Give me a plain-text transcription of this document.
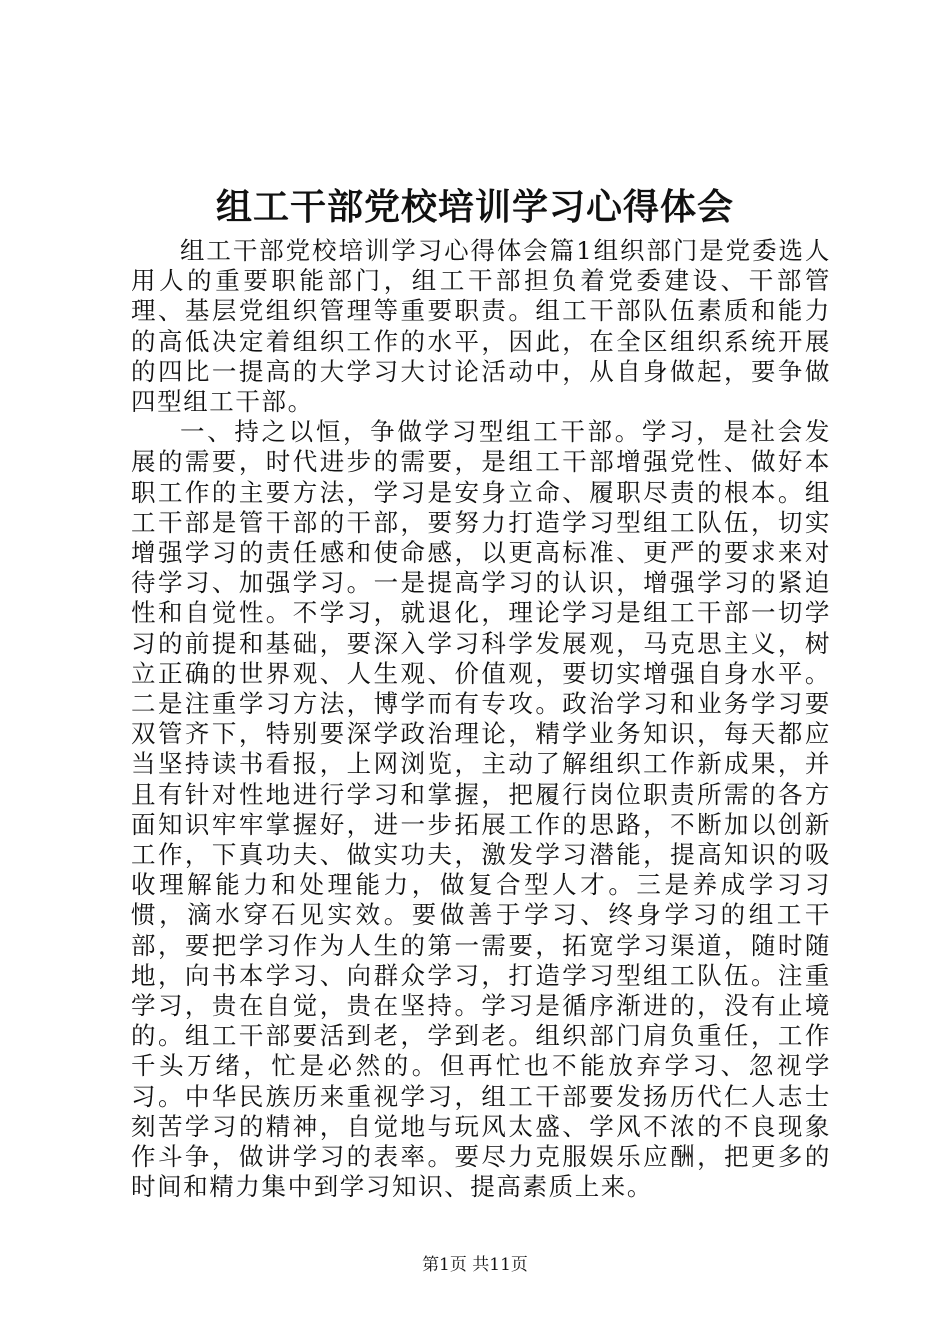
组工干部党校培训学习心得体会

组工干部党校培训学习心得体会篇1组织部门是党委选人用人的重要职能部门，组工干部担负着党委建设、干部管理、基层党组织管理等重要职责。组工干部队伍素质和能力的高低决定着组织工作的水平，因此，在全区组织系统开展的四比一提高的大学习大讨论活动中，从自身做起，要争做四型组工干部。

一、持之以恒，争做学习型组工干部。学习，是社会发展的需要，时代进步的需要，是组工干部增强党性、做好本职工作的主要方法，学习是安身立命、履职尽责的根本。组工干部是管干部的干部，要努力打造学习型组工队伍，切实增强学习的责任感和使命感，以更高标准、更严的要求来对待学习、加强学习。一是提高学习的认识，增强学习的紧迫性和自觉性。不学习，就退化，理论学习是组工干部一切学习的前提和基础，要深入学习科学发展观，马克思主义，树立正确的世界观、人生观、价值观，要切实增强自身水平。二是注重学习方法，博学而有专攻。政治学习和业务学习要双管齐下，特别要深学政治理论，精学业务知识，每天都应当坚持读书看报，上网浏览，主动了解组织工作新成果，并且有针对性地进行学习和掌握，把履行岗位职责所需的各方面知识牢牢掌握好，进一步拓展工作的思路，不断加以创新工作，下真功夫、做实功夫，激发学习潜能，提高知识的吸收理解能力和处理能力，做复合型人才。三是养成学习习惯，滴水穿石见实效。要做善于学习、终身学习的组工干部，要把学习作为人生的第一需要，拓宽学习渠道，随时随地，向书本学习、向群众学习，打造学习型组工队伍。注重学习，贵在自觉，贵在坚持。学习是循序渐进的，没有止境的。组工干部要活到老，学到老。组织部门肩负重任，工作千头万绪，忙是必然的。但再忙也不能放弃学习、忽视学习。中华民族历来重视学习，组工干部要发扬历代仁人志士刻苦学习的精神，自觉地与玩风太盛、学风不浓的不良现象作斗争，做讲学习的表率。要尽力克服娱乐应酬，把更多的时间和精力集中到学习知识、提高素质上来。

第1页 共11页
